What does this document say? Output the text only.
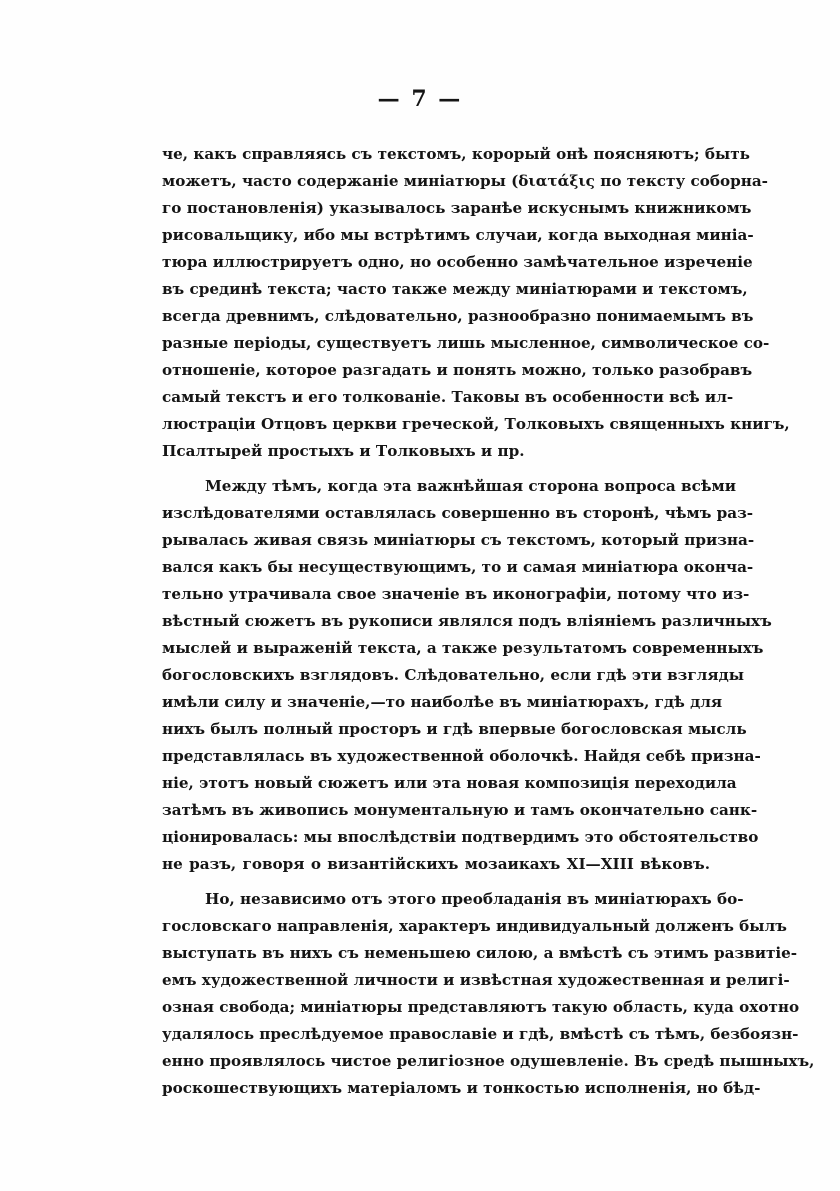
— 7 —
че, какъ справляясь съ текстомъ, корорый онѣ поясняютъ; быть
можетъ, часто содержаніе миніатюры (διατάξις по тексту соборна-
го постановленія) указывалось заранѣе искуснымъ книжникомъ
рисовальщику, ибо мы встрѣтимъ случаи, когда выходная миніа-
тюра иллюстрируетъ одно, но особенно замѣчательное изреченіе
въ срединѣ текста; часто также между миніатюрами и текстомъ,
всегда древнимъ, слѣдовательно, разнообразно понимаемымъ въ
разные періоды, существуетъ лишь мысленное, символическое со-
отношеніе, которое разгадать и понять можно, только разобравъ
самый текстъ и его толкованіе. Таковы въ особенности всѣ ил-
люстраціи Отцовъ церкви греческой, Толковыхъ священныхъ книгъ,
Псалтырей простыхъ и Толковыхъ и пр.
Между тѣмъ, когда эта важнѣйшая сторона вопроса всѣми
изслѣдователями оставлялась совершенно въ сторонѣ, чѣмъ раз-
рывалась живая связь миніатюры съ текстомъ, который призна-
вался какъ бы несуществующимъ, то и самая миніатюра оконча-
тельно утрачивала свое значеніе въ иконографіи, потому что из-
вѣстный сюжетъ въ рукописи являлся подъ вліяніемъ различныхъ
мыслей и выраженій текста, а также результатомъ современныхъ
богословскихъ взглядовъ. Слѣдовательно, если гдѣ эти взгляды
имѣли силу и значеніе,—то наиболѣе въ миніатюрахъ, гдѣ для
нихъ былъ полный просторъ и гдѣ впервые богословская мысль
представлялась въ художественной оболочкѣ. Найдя себѣ призна-
ніе, этотъ новый сюжетъ или эта новая композиція переходила
затѣмъ въ живопись монументальную и тамъ окончательно санк-
ціонировалась: мы впослѣдствіи подтвердимъ это обстоятельство
не разъ, говоря о византійскихъ мозаикахъ XI—XIII вѣковъ.
Но, независимо отъ этого преобладанія въ миніатюрахъ бо-
гословскаго направленія, характеръ индивидуальный долженъ былъ
выступать въ нихъ съ неменьшею силою, а вмѣстѣ съ этимъ развитіе-
емъ художественной личности и извѣстная художественная и религі-
озная свобода; миніатюры представляютъ такую область, куда охотно
удалялось преслѣдуемое православіе и гдѣ, вмѣстѣ съ тѣмъ, безбоязн-
енно проявлялось чистое религіозное одушевленіе. Въ средѣ пышныхъ,
роскошествующихъ матеріаломъ и тонкостью исполненія, но бѣд-
